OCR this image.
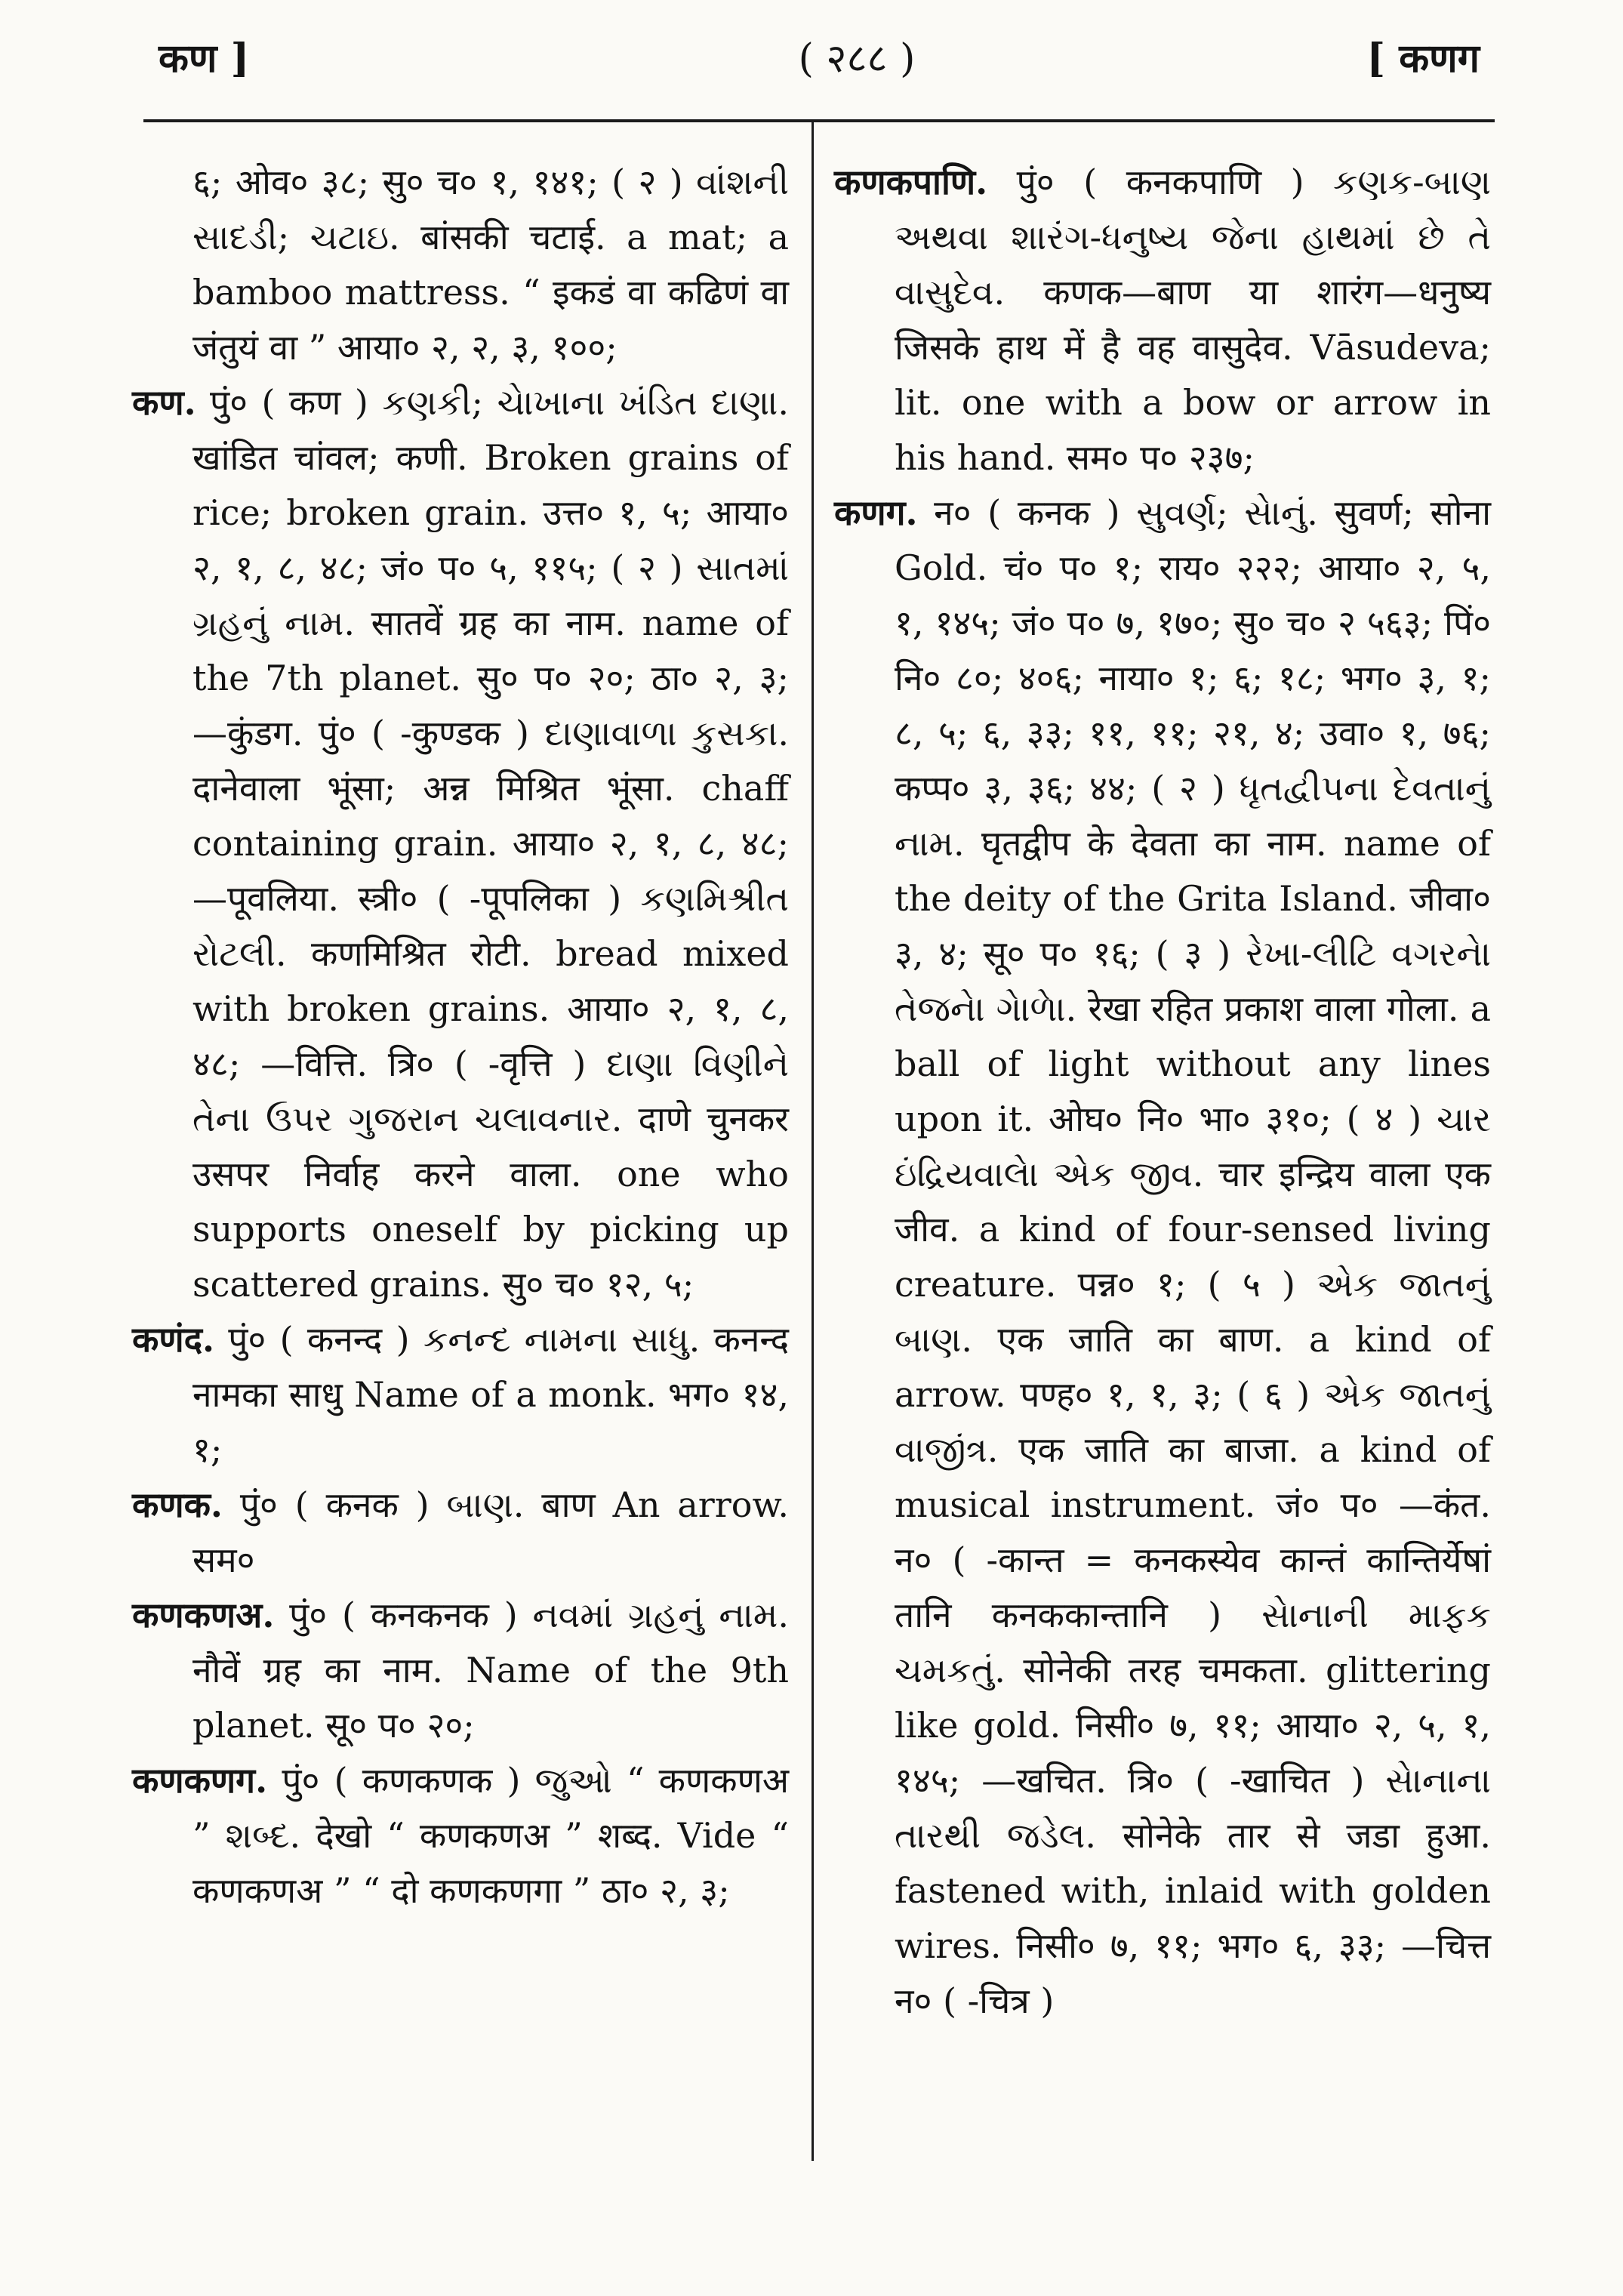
कण ]	( २८८ )	[ कणग

६; ओव० ३८; सु० च० १, १४१; ( २ ) વાંશની સાદડી; ચટાઇ. बांसकी चटाई. a mat; a bamboo mattress. “ इकडं वा कढिणं वा जंतुयं वा ” आया० २, २, ३, १००;

कण. पुं० ( कण ) કણકી; ચેાખાના ખંડિત દાણા. खांडित चांवल; कणी. Broken grains of rice; broken grain. उत्त० १, ५; आया० २, १, ८, ४८; जं० प० ५, ११५; ( २ ) સાતમાં ગ્રહનું નામ. सातवें ग्रह का नाम. name of the 7th planet. सु० प० २०; ठा० २, ३; —कुंडग. पुं० ( -कुण्डक ) દાણાવાળા કુસકા. दानेवाला भूंसा; अन्न मिश्रित भूंसा. chaff containing grain. आया० २, १, ८, ४८; —पूवलिया. स्त्री० ( -पूपलिका ) કણમિશ્રીત રોટલી. कणमिश्रित रोटी. bread mixed with broken grains. आया० २, १, ८, ४८; —वित्ति. त्रि० ( -वृत्ति ) દાણા વિણીને તેના ઉપર ગુજરાન ચલાવનાર. दाणे चुनकर उसपर निर्वाह करने वाला. one who supports oneself by picking up scattered grains. सु० च० १२, ५;

कणंद. पुं० ( कनन्द ) કનન્દ નામના સાધુ. कनन्द नामका साधु Name of a monk. भग० १४, १;

कणक. पुं० ( कनक ) બાણ. बाण An arrow. सम०

कणकणअ. पुं० ( कनकनक ) નવમાં ગ્રહનું નામ. नौवें ग्रह का नाम. Name of the 9th planet. सू० प० २०;

कणकणग. पुं० ( कणकणक ) જુઓ “ कणकणअ ” શબ્દ. देखो “ कणकणअ ” शब्द. Vide “ कणकणअ ” “ दो कणकणगा ” ठा० २, ३;

कणकपाणि. पुं० ( कनकपाणि ) કણક-બાણ અથવા શારંગ-ધનુષ્ય જેના હાથમાં છે તે વાસુદેવ. कणक—बाण या शारंग—धनुष्य जिसके हाथ में है वह वासुदेव. Vāsudeva; lit. one with a bow or arrow in his hand. सम० प० २३७;

कणग. न० ( कनक ) સુવર્ણ; સેાનું. सुवर्ण; सोना Gold. चं० प० १; राय० २२२; आया० २, ५, १, १४५; जं० प० ७, १७०; सु० च० २ ५६३; पिं० नि० ८०; ४०६; नाया० १; ६; १८; भग० ३, १; ८, ५; ६, ३३; ११, ११; २१, ४; उवा० १, ७६; कप्प० ३, ३६; ४४; ( २ ) ધૃતદ્વીપના દેવતાનું નામ. घृतद्वीप के देवता का नाम. name of the deity of the Grita Island. जीवा० ३, ४; सू० प० १६; ( ३ ) રેખા-લીટિ વગરનેા તેજનેા ગેાળેા. रेखा रहित प्रकाश वाला गोला. a ball of light without any lines upon it. ओघ० नि० भा० ३१०; ( ४ ) ચાર ઇંદ્રિયવાલેા એક જીવ. चार इन्द्रिय वाला एक जीव. a kind of four-sensed living creature. पन्न० १; ( ५ ) એક જાતનું બાણ. एक जाति का बाण. a kind of arrow. पण्ह० १, १, ३; ( ६ ) એક જાતનું વાજીંત્ર. एक जाति का बाजा. a kind of musical instrument. जं० प० —कंत. न० ( -कान्त = कनकस्येव कान्तं कान्तिर्येषां तानि कनककान्तानि ) સેાનાની માફક ચમકતું. सोनेकी तरह चमकता. glittering like gold. निसी० ७, ११; आया० २, ५, १, १४५; —खचित. त्रि० ( -खाचित ) સેાનાના તારથી જડેલ. सोनेके तार से जडा हुआ. fastened with, inlaid with golden wires. निसी० ७, ११; भग० ६, ३३; —चित्त न० ( -चित्र )
